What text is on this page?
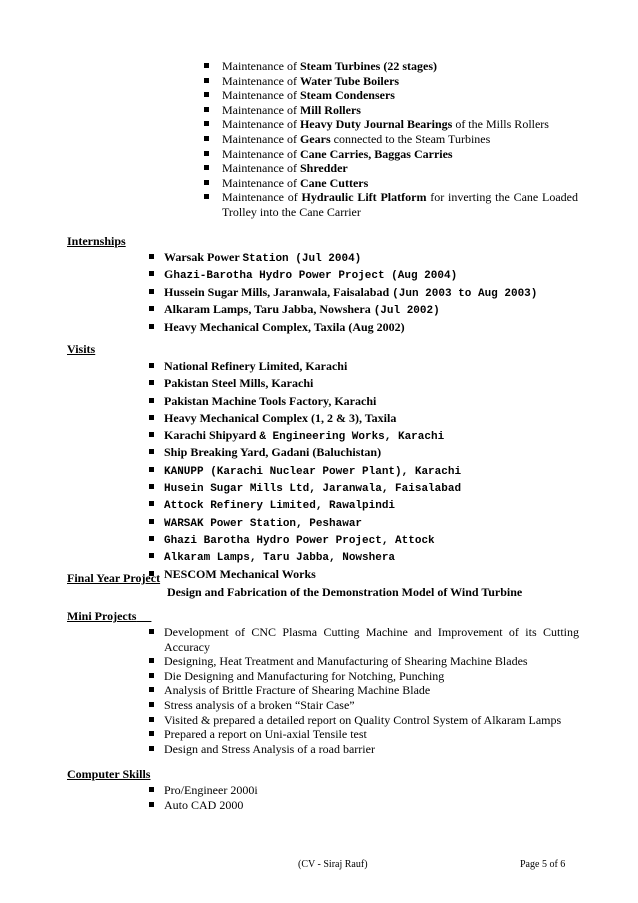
Maintenance of Steam Turbines (22 stages)
Maintenance of Water Tube Boilers
Maintenance of Steam Condensers
Maintenance of Mill Rollers
Maintenance of Heavy Duty Journal Bearings of the Mills Rollers
Maintenance of Gears connected to the Steam Turbines
Maintenance of Cane Carries, Baggas Carries
Maintenance of Shredder
Maintenance of Cane Cutters
Maintenance of Hydraulic Lift Platform for inverting the Cane Loaded Trolley into the Cane Carrier
Internships
Warsak Power Station (Jul 2004)
Ghazi-Barotha Hydro Power Project (Aug 2004)
Hussein Sugar Mills, Jaranwala, Faisalabad (Jun 2003 to Aug 2003)
Alkaram Lamps, Taru Jabba, Nowshera (Jul 2002)
Heavy Mechanical Complex, Taxila (Aug 2002)
Visits
National Refinery Limited, Karachi
Pakistan Steel Mills, Karachi
Pakistan Machine Tools Factory, Karachi
Heavy Mechanical Complex (1, 2 & 3), Taxila
Karachi Shipyard & Engineering Works, Karachi
Ship Breaking Yard, Gadani (Baluchistan)
KANUPP (Karachi Nuclear Power Plant), Karachi
Husein Sugar Mills Ltd, Jaranwala, Faisalabad
Attock Refinery Limited, Rawalpindi
WARSAK Power Station, Peshawar
Ghazi Barotha Hydro Power Project, Attock
Alkaram Lamps, Taru Jabba, Nowshera
NESCOM Mechanical Works
Final Year Project
Design and Fabrication of the Demonstration Model of Wind Turbine
Mini Projects
Development of CNC Plasma Cutting Machine and Improvement of its Cutting Accuracy
Designing, Heat Treatment and Manufacturing of Shearing Machine Blades
Die Designing and Manufacturing for Notching, Punching
Analysis of Brittle Fracture of Shearing Machine Blade
Stress analysis of a broken “Stair Case”
Visited & prepared a detailed report on Quality Control System of Alkaram Lamps
Prepared a report on Uni-axial Tensile test
Design and Stress Analysis of a road barrier
Computer Skills
Pro/Engineer 2000i
Auto CAD 2000
(CV - Siraj Rauf)	Page 5 of 6
